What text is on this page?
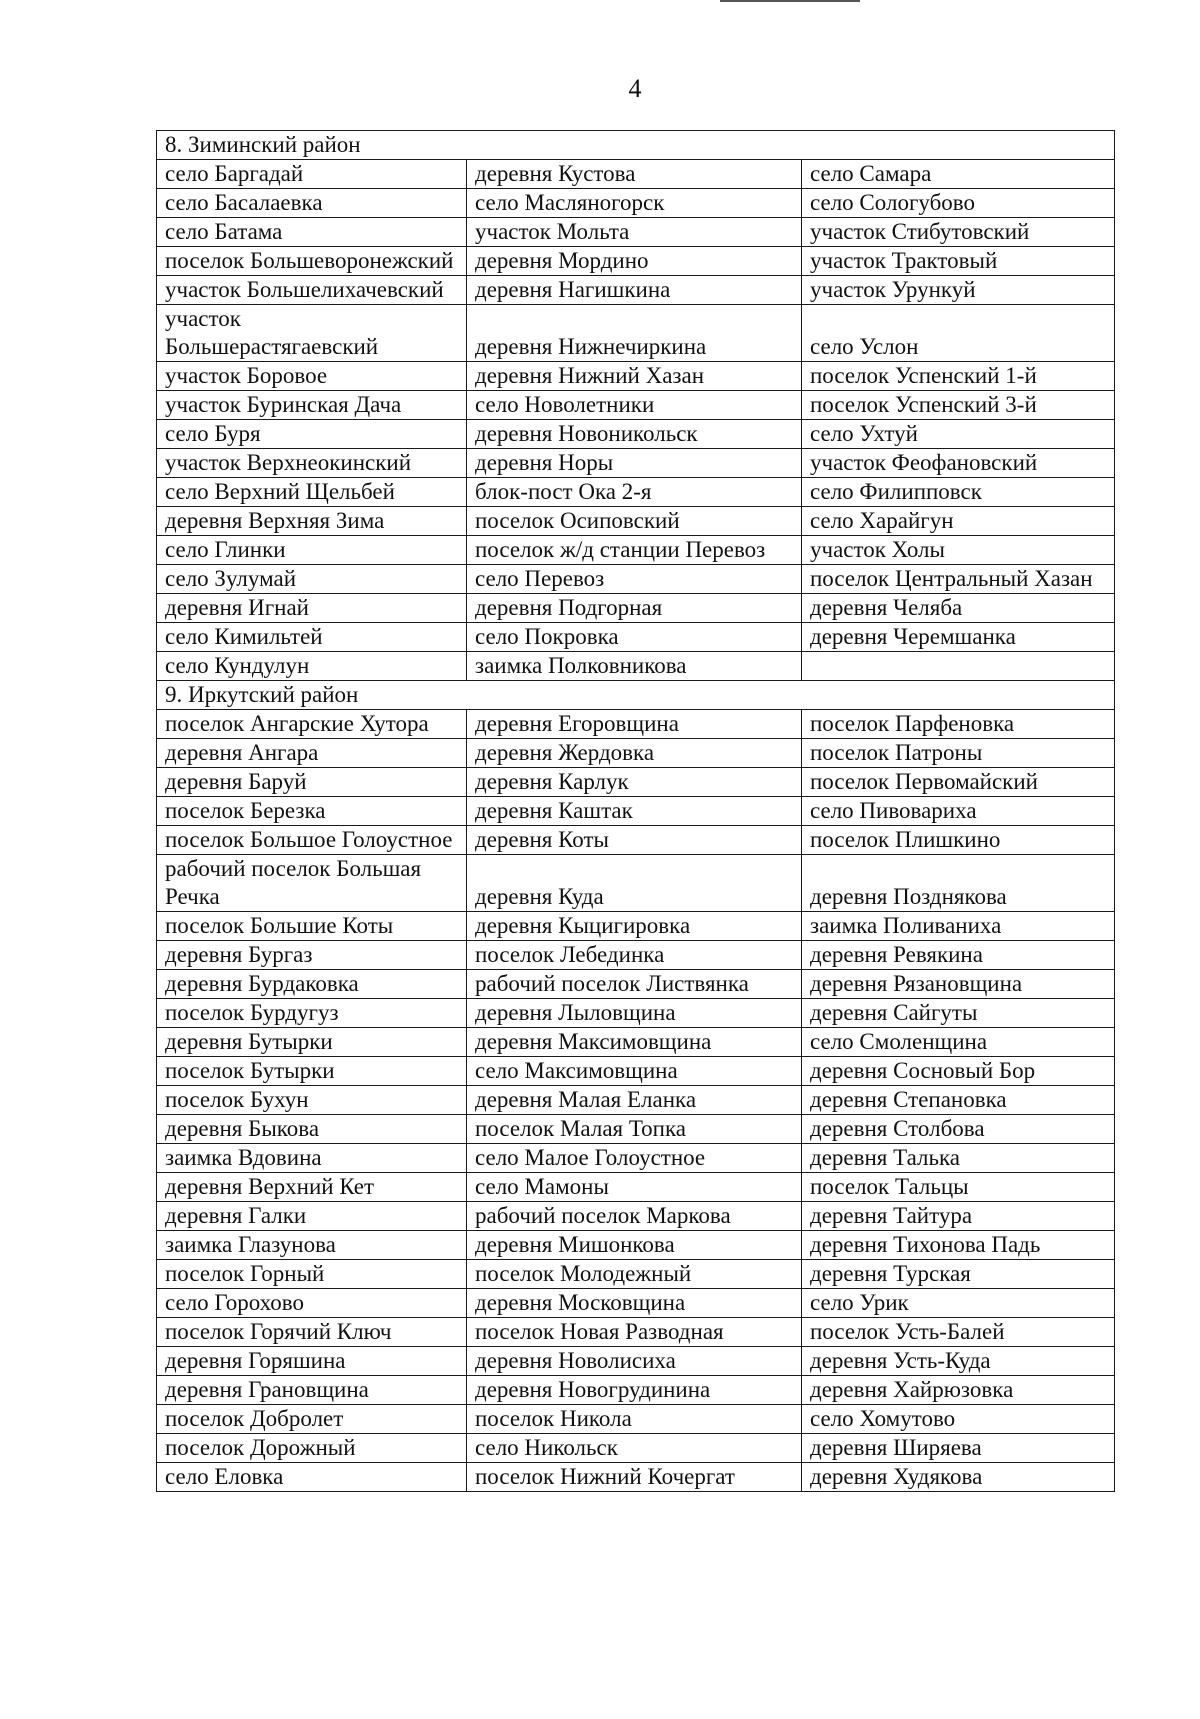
4
8. Зиминский район		
село Баргадай	деревня Кустова	село Самара
село Басалаевка	село Масляногорск	село Сологубово
село Батама	участок Мольта	участок Стибутовский
поселок Большеворонежский	деревня Мордино	участок Трактовый
участок Большелихачевский	деревня Нагишкина	участок Урункуй
участок Большерастягаевский	деревня Нижнечиркина	село Услон
участок Боровое	деревня Нижний Хазан	поселок Успенский 1-й
участок Буринская Дача	село Новолетники	поселок Успенский 3-й
село Буря	деревня Новоникольск	село Ухтуй
участок Верхнеокинский	деревня Норы	участок Феофановский
село Верхний Щельбей	блок-пост Ока 2-я	село Филипповск
деревня Верхняя Зима	поселок Осиповский	село Харайгун
село Глинки	поселок ж/д станции Перевоз	участок Холы
село Зулумай	село Перевоз	поселок Центральный Хазан
деревня Игнай	деревня Подгорная	деревня Челяба
село Кимильтей	село Покровка	деревня Черемшанка
село Кундулун	заимка Полковникова	
9. Иркутский район		
поселок Ангарские Хутора	деревня Егоровщина	поселок Парфеновка
деревня Ангара	деревня Жердовка	поселок Патроны
деревня Баруй	деревня Карлук	поселок Первомайский
поселок Березка	деревня Каштак	село Пивовариха
поселок Большое Голоустное	деревня Коты	поселок Плишкино
рабочий поселок Большая Речка	деревня Куда	деревня Позднякова
поселок Большие Коты	деревня Кыцигировка	заимка Поливаниха
деревня Бургаз	поселок Лебединка	деревня Ревякина
деревня Бурдаковка	рабочий поселок Листвянка	деревня Рязановщина
поселок Бурдугуз	деревня Лыловщина	деревня Сайгуты
деревня Бутырки	деревня Максимовщина	село Смоленщина
поселок Бутырки	село Максимовщина	деревня Сосновый Бор
поселок Бухун	деревня Малая Еланка	деревня Степановка
деревня Быкова	поселок Малая Топка	деревня Столбова
заимка Вдовина	село Малое Голоустное	деревня Талька
деревня Верхний Кет	село Мамоны	поселок Тальцы
деревня Галки	рабочий поселок Маркова	деревня Тайтура
заимка Глазунова	деревня Мишонкова	деревня Тихонова Падь
поселок Горный	поселок Молодежный	деревня Турская
село Горохово	деревня Московщина	село Урик
поселок Горячий Ключ	поселок Новая Разводная	поселок Усть-Балей
деревня Горяшина	деревня Новолисиха	деревня Усть-Куда
деревня Грановщина	деревня Новогрудинина	деревня Хайрюзовка
поселок Добролет	поселок Никола	село Хомутово
поселок Дорожный	село Никольск	деревня Ширяева
село Еловка	поселок Нижний Кочергат	деревня Худякова
